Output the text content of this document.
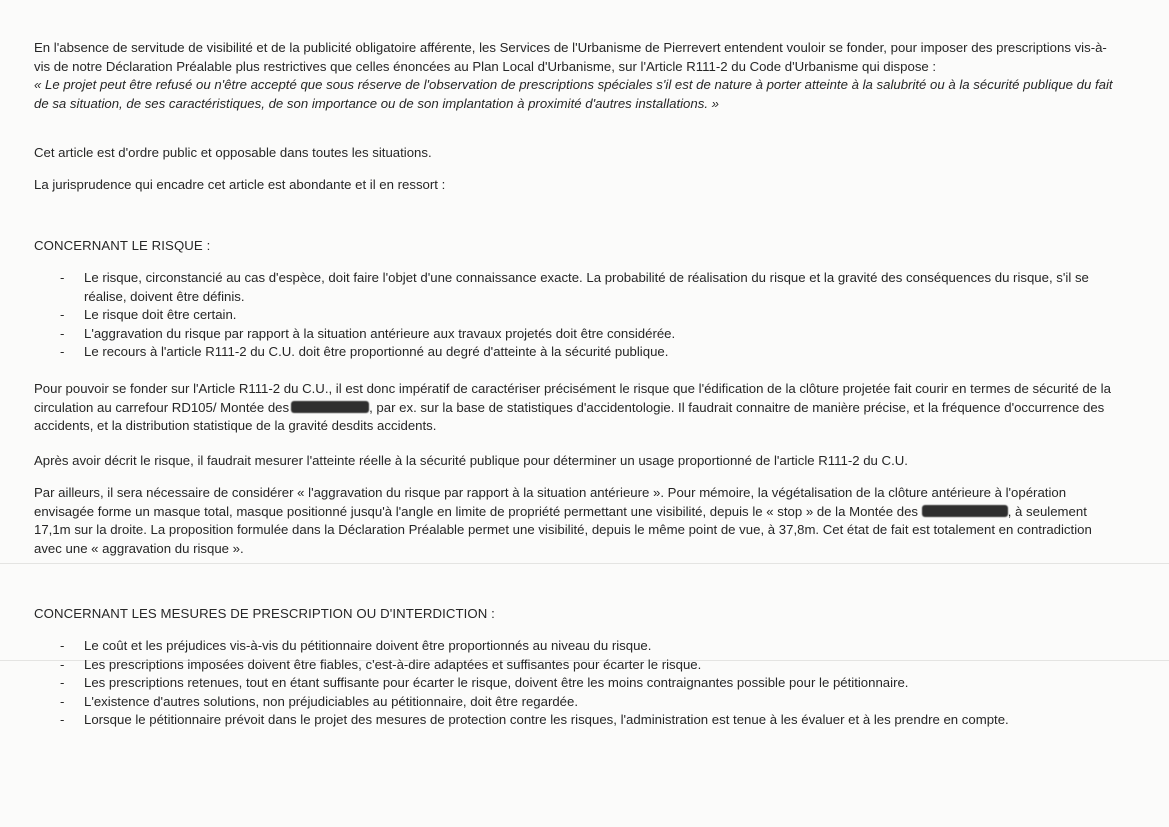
En l'absence de servitude de visibilité et de la publicité obligatoire afférente, les Services de l'Urbanisme de Pierrevert entendent vouloir se fonder, pour imposer des prescriptions vis-à-vis de notre Déclaration Préalable plus restrictives que celles énoncées au Plan Local d'Urbanisme, sur l'Article R111-2 du Code d'Urbanisme qui dispose :
« Le projet peut être refusé ou n'être accepté que sous réserve de l'observation de prescriptions spéciales s'il est de nature à porter atteinte à la salubrité ou à la sécurité publique du fait de sa situation, de ses caractéristiques, de son importance ou de son implantation à proximité d'autres installations. »

Cet article est d'ordre public et opposable dans toutes les situations.

La jurisprudence qui encadre cet article est abondante et il en ressort :

CONCERNANT LE RISQUE :

- Le risque, circonstancié au cas d'espèce, doit faire l'objet d'une connaissance exacte. La probabilité de réalisation du risque et la gravité des conséquences du risque, s'il se réalise, doivent être définis.
- Le risque doit être certain.
- L'aggravation du risque par rapport à la situation antérieure aux travaux projetés doit être considérée.
- Le recours à l'article R111-2 du C.U. doit être proportionné au degré d'atteinte à la sécurité publique.

Pour pouvoir se fonder sur l'Article R111-2 du C.U., il est donc impératif de caractériser précisément le risque que l'édification de la clôture projetée fait courir en termes de sécurité de la circulation au carrefour RD105/ Montée des	, par ex. sur la base de statistiques d'accidentologie. Il faudrait connaitre de manière précise, et la fréquence d'occurrence des accidents, et la distribution statistique de la gravité desdits accidents.

Après avoir décrit le risque, il faudrait mesurer l'atteinte réelle à la sécurité publique pour déterminer un usage proportionné de l'article R111-2 du C.U.

Par ailleurs, il sera nécessaire de considérer « l'aggravation du risque par rapport à la situation antérieure ». Pour mémoire, la végétalisation de la clôture antérieure à l'opération envisagée forme un masque total, masque positionné jusqu'à l'angle en limite de propriété permettant une visibilité, depuis le « stop » de la Montée des	, à seulement 17,1m sur la droite. La proposition formulée dans la Déclaration Préalable permet une visibilité, depuis le même point de vue, à 37,8m. Cet état de fait est totalement en contradiction avec une « aggravation du risque ».

CONCERNANT LES MESURES DE PRESCRIPTION OU D'INTERDICTION :

- Le coût et les préjudices vis-à-vis du pétitionnaire doivent être proportionnés au niveau du risque.
- Les prescriptions imposées doivent être fiables, c'est-à-dire adaptées et suffisantes pour écarter le risque.
- Les prescriptions retenues, tout en étant suffisante pour écarter le risque, doivent être les moins contraignantes possible pour le pétitionnaire.
- L'existence d'autres solutions, non préjudiciables au pétitionnaire, doit être regardée.
- Lorsque le pétitionnaire prévoit dans le projet des mesures de protection contre les risques, l'administration est tenue à les évaluer et à les prendre en compte.
